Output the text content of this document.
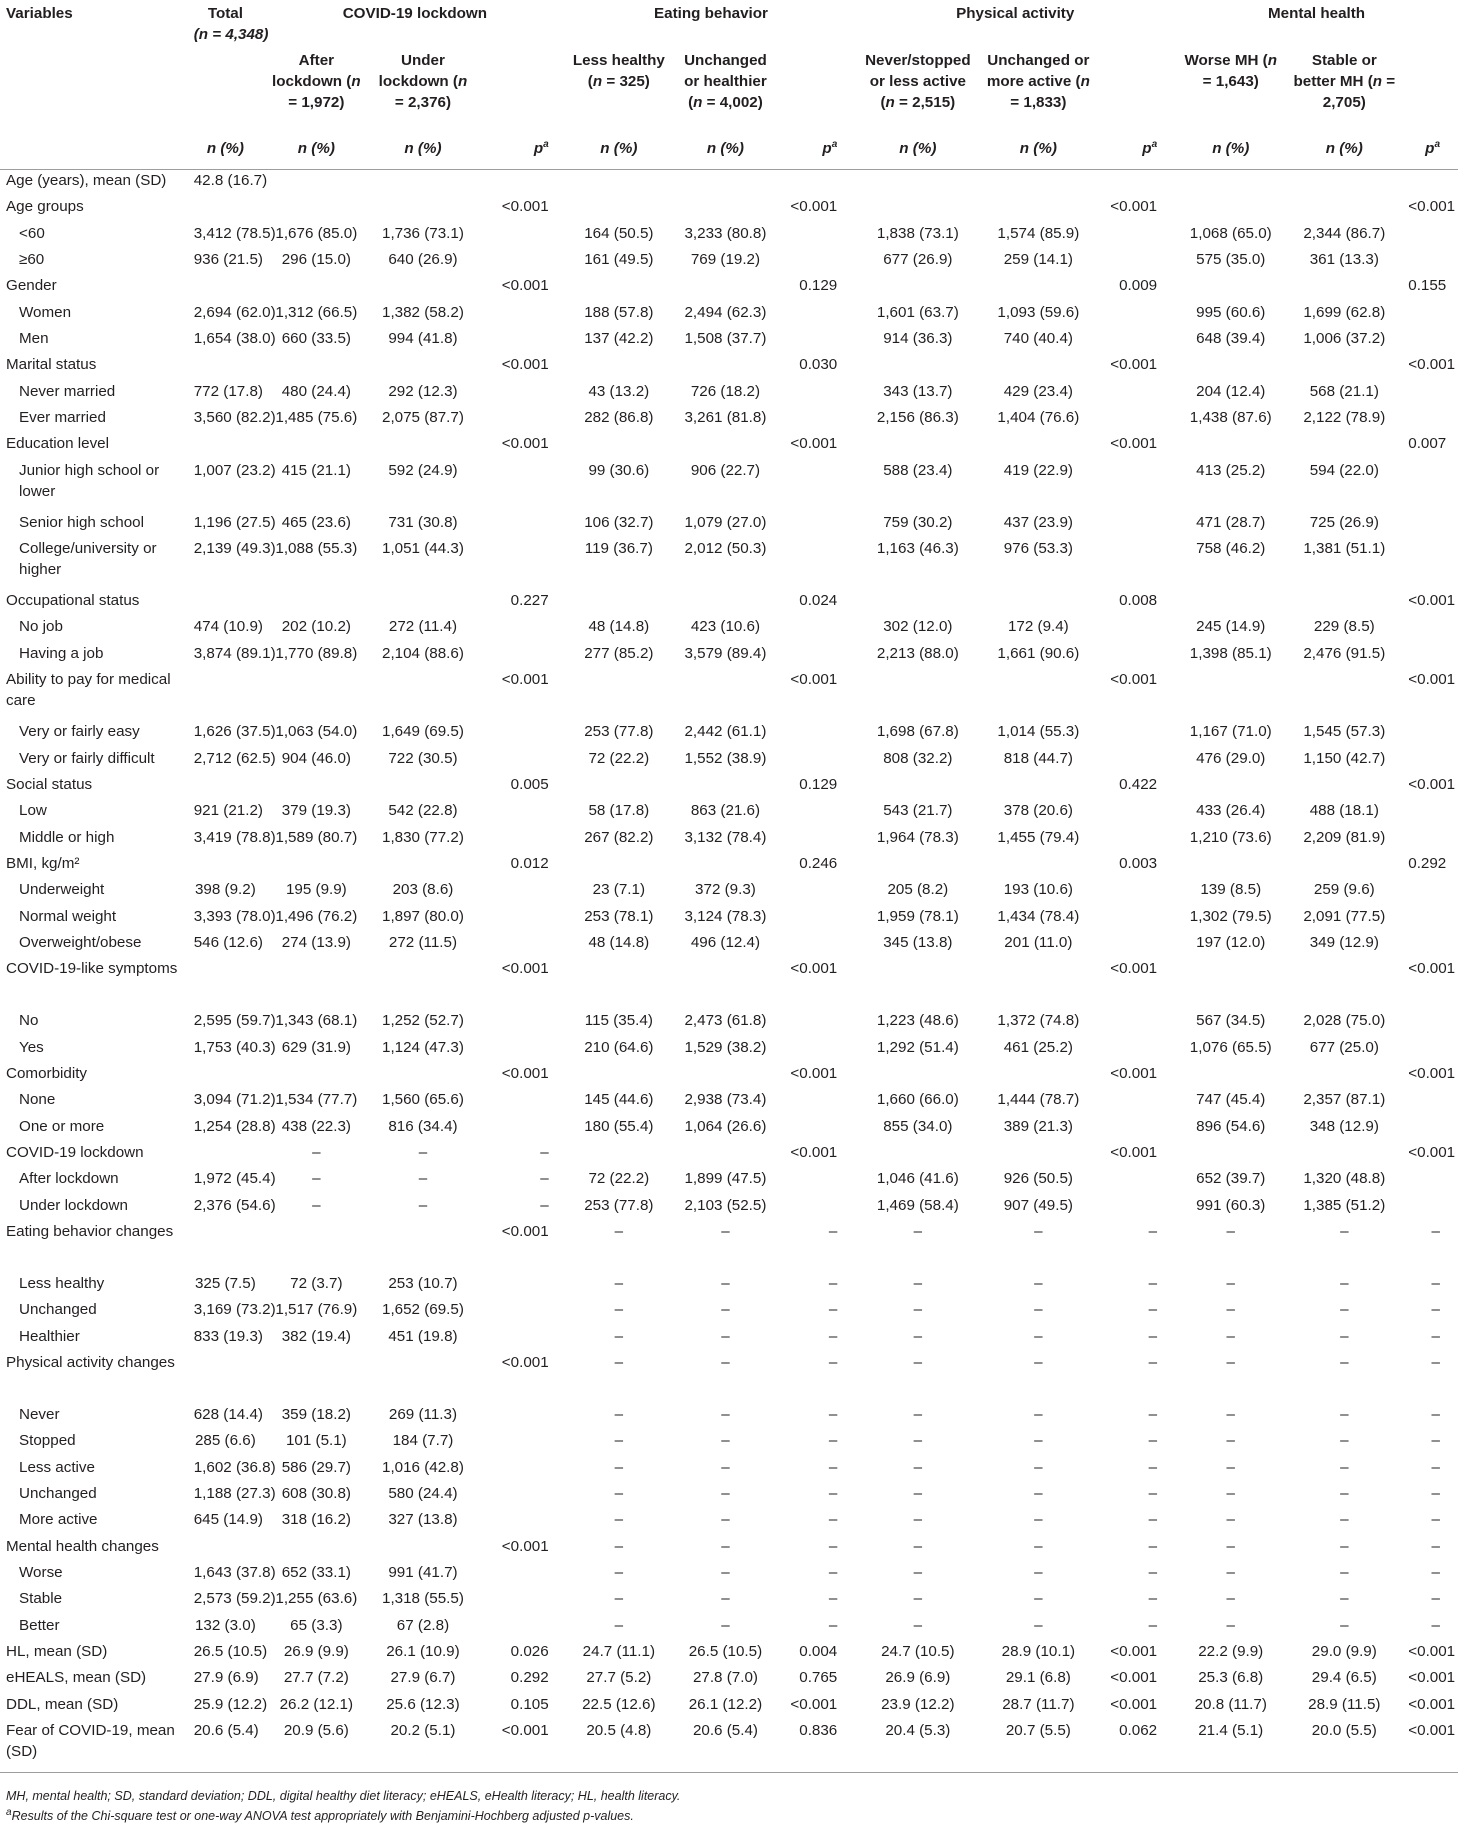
Variables	Total
(n = 4,348)	COVID-19 lockdown			Eating behavior			Physical activity			Mental health		
		After lockdown (n = 1,972)	Under lockdown (n = 2,376)		Less healthy (n = 325)	Unchanged or healthier (n = 4,002)		Never/stopped or less active (n = 2,515)	Unchanged or more active (n = 1,833)		Worse MH (n = 1,643)	Stable or better MH (n = 2,705)	
	n (%)	n (%)	n (%)	$p^a$	n (%)	n (%)	$p^a$	n (%)	n (%)	$p^a$	n (%)	n (%)	$p^a$
Age (years), mean (SD)	42.8 (16.7)												
Age groups				<0.001			<0.001			<0.001			<0.001
<60	3,412 (78.5)	1,676 (85.0)	1,736 (73.1)		164 (50.5)	3,233 (80.8)		1,838 (73.1)	1,574 (85.9)		1,068 (65.0)	2,344 (86.7)	
≥60	936 (21.5)	296 (15.0)	640 (26.9)		161 (49.5)	769 (19.2)		677 (26.9)	259 (14.1)		575 (35.0)	361 (13.3)	
Gender				<0.001			0.129			0.009			0.155
Women	2,694 (62.0)	1,312 (66.5)	1,382 (58.2)		188 (57.8)	2,494 (62.3)		1,601 (63.7)	1,093 (59.6)		995 (60.6)	1,699 (62.8)	
Men	1,654 (38.0)	660 (33.5)	994 (41.8)		137 (42.2)	1,508 (37.7)		914 (36.3)	740 (40.4)		648 (39.4)	1,006 (37.2)	
Marital status				<0.001			0.030			<0.001			<0.001
Never married	772 (17.8)	480 (24.4)	292 (12.3)		43 (13.2)	726 (18.2)		343 (13.7)	429 (23.4)		204 (12.4)	568 (21.1)	
Ever married	3,560 (82.2)	1,485 (75.6)	2,075 (87.7)		282 (86.8)	3,261 (81.8)		2,156 (86.3)	1,404 (76.6)		1,438 (87.6)	2,122 (78.9)	
Education level				<0.001			<0.001			<0.001			0.007
Junior high school or lower	1,007 (23.2)	415 (21.1)	592 (24.9)		99 (30.6)	906 (22.7)		588 (23.4)	419 (22.9)		413 (25.2)	594 (22.0)	
Senior high school	1,196 (27.5)	465 (23.6)	731 (30.8)		106 (32.7)	1,079 (27.0)		759 (30.2)	437 (23.9)		471 (28.7)	725 (26.9)	
College/university or higher	2,139 (49.3)	1,088 (55.3)	1,051 (44.3)		119 (36.7)	2,012 (50.3)		1,163 (46.3)	976 (53.3)		758 (46.2)	1,381 (51.1)	
Occupational status				0.227			0.024			0.008			<0.001
No job	474 (10.9)	202 (10.2)	272 (11.4)		48 (14.8)	423 (10.6)		302 (12.0)	172 (9.4)		245 (14.9)	229 (8.5)	
Having a job	3,874 (89.1)	1,770 (89.8)	2,104 (88.6)		277 (85.2)	3,579 (89.4)		2,213 (88.0)	1,661 (90.6)		1,398 (85.1)	2,476 (91.5)	
Ability to pay for medical care				<0.001			<0.001			<0.001			<0.001
Very or fairly easy	1,626 (37.5)	1,063 (54.0)	1,649 (69.5)		253 (77.8)	2,442 (61.1)		1,698 (67.8)	1,014 (55.3)		1,167 (71.0)	1,545 (57.3)	
Very or fairly difficult	2,712 (62.5)	904 (46.0)	722 (30.5)		72 (22.2)	1,552 (38.9)		808 (32.2)	818 (44.7)		476 (29.0)	1,150 (42.7)	
Social status				0.005			0.129			0.422			<0.001
Low	921 (21.2)	379 (19.3)	542 (22.8)		58 (17.8)	863 (21.6)		543 (21.7)	378 (20.6)		433 (26.4)	488 (18.1)	
Middle or high	3,419 (78.8)	1,589 (80.7)	1,830 (77.2)		267 (82.2)	3,132 (78.4)		1,964 (78.3)	1,455 (79.4)		1,210 (73.6)	2,209 (81.9)	
BMI, kg/m²				0.012			0.246			0.003			0.292
Underweight	398 (9.2)	195 (9.9)	203 (8.6)		23 (7.1)	372 (9.3)		205 (8.2)	193 (10.6)		139 (8.5)	259 (9.6)	
Normal weight	3,393 (78.0)	1,496 (76.2)	1,897 (80.0)		253 (78.1)	3,124 (78.3)		1,959 (78.1)	1,434 (78.4)		1,302 (79.5)	2,091 (77.5)	
Overweight/obese	546 (12.6)	274 (13.9)	272 (11.5)		48 (14.8)	496 (12.4)		345 (13.8)	201 (11.0)		197 (12.0)	349 (12.9)	
COVID-19-like symptoms				<0.001			<0.001			<0.001			<0.001
No	2,595 (59.7)	1,343 (68.1)	1,252 (52.7)		115 (35.4)	2,473 (61.8)		1,223 (48.6)	1,372 (74.8)		567 (34.5)	2,028 (75.0)	
Yes	1,753 (40.3)	629 (31.9)	1,124 (47.3)		210 (64.6)	1,529 (38.2)		1,292 (51.4)	461 (25.2)		1,076 (65.5)	677 (25.0)	
Comorbidity				<0.001			<0.001			<0.001			<0.001
None	3,094 (71.2)	1,534 (77.7)	1,560 (65.6)		145 (44.6)	2,938 (73.4)		1,660 (66.0)	1,444 (78.7)		747 (45.4)	2,357 (87.1)	
One or more	1,254 (28.8)	438 (22.3)	816 (34.4)		180 (55.4)	1,064 (26.6)		855 (34.0)	389 (21.3)		896 (54.6)	348 (12.9)	
COVID-19 lockdown		–	–	–			<0.001			<0.001			<0.001
After lockdown	1,972 (45.4)	–	–	–	72 (22.2)	1,899 (47.5)		1,046 (41.6)	926 (50.5)		652 (39.7)	1,320 (48.8)	
Under lockdown	2,376 (54.6)	–	–	–	253 (77.8)	2,103 (52.5)		1,469 (58.4)	907 (49.5)		991 (60.3)	1,385 (51.2)	
Eating behavior changes				<0.001	–	–	–	–	–	–	–	–	–
Less healthy	325 (7.5)	72 (3.7)	253 (10.7)		–	–	–	–	–	–	–	–	–
Unchanged	3,169 (73.2)	1,517 (76.9)	1,652 (69.5)		–	–	–	–	–	–	–	–	–
Healthier	833 (19.3)	382 (19.4)	451 (19.8)		–	–	–	–	–	–	–	–	–
Physical activity changes				<0.001	–	–	–	–	–	–	–	–	–
Never	628 (14.4)	359 (18.2)	269 (11.3)		–	–	–	–	–	–	–	–	–
Stopped	285 (6.6)	101 (5.1)	184 (7.7)		–	–	–	–	–	–	–	–	–
Less active	1,602 (36.8)	586 (29.7)	1,016 (42.8)		–	–	–	–	–	–	–	–	–
Unchanged	1,188 (27.3)	608 (30.8)	580 (24.4)		–	–	–	–	–	–	–	–	–
More active	645 (14.9)	318 (16.2)	327 (13.8)		–	–	–	–	–	–	–	–	–
Mental health changes				<0.001	–	–	–	–	–	–	–	–	–
Worse	1,643 (37.8)	652 (33.1)	991 (41.7)		–	–	–	–	–	–	–	–	–
Stable	2,573 (59.2)	1,255 (63.6)	1,318 (55.5)		–	–	–	–	–	–	–	–	–
Better	132 (3.0)	65 (3.3)	67 (2.8)		–	–	–	–	–	–	–	–	–
HL, mean (SD)	26.5 (10.5)	26.9 (9.9)	26.1 (10.9)	0.026	24.7 (11.1)	26.5 (10.5)	0.004	24.7 (10.5)	28.9 (10.1)	<0.001	22.2 (9.9)	29.0 (9.9)	<0.001
eHEALS, mean (SD)	27.9 (6.9)	27.7 (7.2)	27.9 (6.7)	0.292	27.7 (5.2)	27.8 (7.0)	0.765	26.9 (6.9)	29.1 (6.8)	<0.001	25.3 (6.8)	29.4 (6.5)	<0.001
DDL, mean (SD)	25.9 (12.2)	26.2 (12.1)	25.6 (12.3)	0.105	22.5 (12.6)	26.1 (12.2)	<0.001	23.9 (12.2)	28.7 (11.7)	<0.001	20.8 (11.7)	28.9 (11.5)	<0.001
Fear of COVID-19, mean (SD)	20.6 (5.4)	20.9 (5.6)	20.2 (5.1)	<0.001	20.5 (4.8)	20.6 (5.4)	0.836	20.4 (5.3)	20.7 (5.5)	0.062	21.4 (5.1)	20.0 (5.5)	<0.001
MH, mental health; SD, standard deviation; DDL, digital healthy diet literacy; eHEALS, eHealth literacy; HL, health literacy.
$^a$Results of the Chi-square test or one-way ANOVA test appropriately with Benjamini-Hochberg adjusted p-values.
